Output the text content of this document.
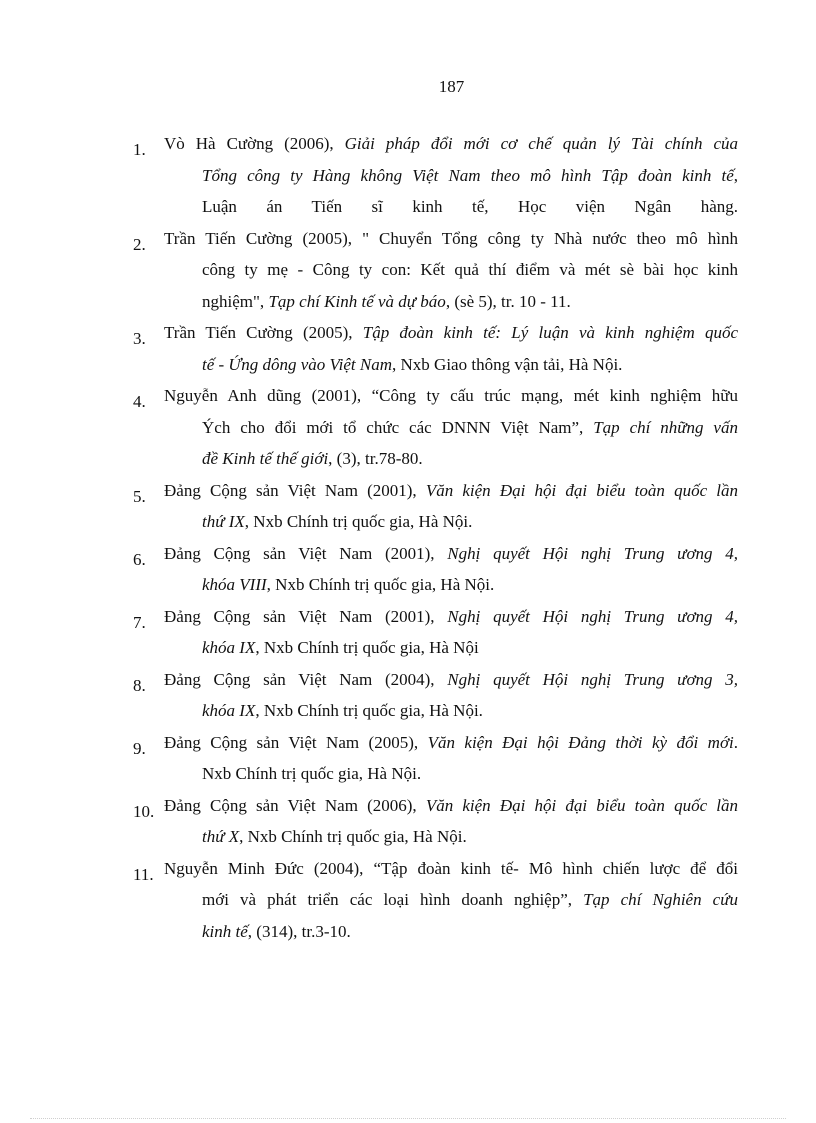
187
1.	Vò Hà Cường (2006), Giải pháp đổi mới cơ chế quản lý Tài chính của
Tổng công ty Hàng không Việt Nam theo mô hình Tập đoàn kinh tế,
Luận án Tiến sĩ kinh tế, Học viện Ngân hàng.
2.	Trần Tiến Cường (2005), " Chuyển Tổng công ty Nhà nước theo mô hình
công ty mẹ - Công ty con: Kết quả thí điểm và mét sè bài học kinh
nghiệm", Tạp chí Kinh tế và dự báo, (sè 5), tr. 10 - 11.
3.	Trần Tiến Cường (2005), Tập đoàn kinh tế: Lý luận và kinh nghiệm quốc
tế - Ứng dông vào Việt Nam, Nxb Giao thông vận tải, Hà Nội.
4.	Nguyễn Anh dũng (2001), “Công ty cấu trúc mạng, mét kinh nghiệm hữu
Ých cho đổi mới tổ chức các DNNN Việt Nam”, Tạp chí những vấn
đề Kinh tế thế giới, (3), tr.78-80.
5.	Đảng Cộng sản Việt Nam (2001), Văn kiện Đại hội đại biểu toàn quốc lần
thứ IX, Nxb Chính trị quốc gia, Hà Nội.
6.	Đảng Cộng sản Việt Nam (2001), Nghị quyết Hội nghị Trung ương 4,
khóa VIII, Nxb Chính trị quốc gia, Hà Nội.
7.	Đảng Cộng sản Việt Nam (2001), Nghị quyết Hội nghị Trung ương 4,
khóa IX, Nxb Chính trị quốc gia, Hà Nội
8.	Đảng Cộng sản Việt Nam (2004), Nghị quyết Hội nghị Trung ương 3,
khóa IX, Nxb Chính trị quốc gia, Hà Nội.
9.	Đảng Cộng sản Việt Nam (2005), Văn kiện Đại hội Đảng thời kỳ đổi mới.
Nxb Chính trị quốc gia, Hà Nội.
10. Đảng Cộng sản Việt Nam (2006), Văn kiện Đại hội đại biểu toàn quốc lần
thứ X, Nxb Chính trị quốc gia, Hà Nội.
11. Nguyễn Minh Đức (2004), “Tập đoàn kinh tế- Mô hình chiến lược để đổi
mới và phát triển các loại hình doanh nghiệp”, Tạp chí Nghiên cứu
kinh tế, (314), tr.3-10.
